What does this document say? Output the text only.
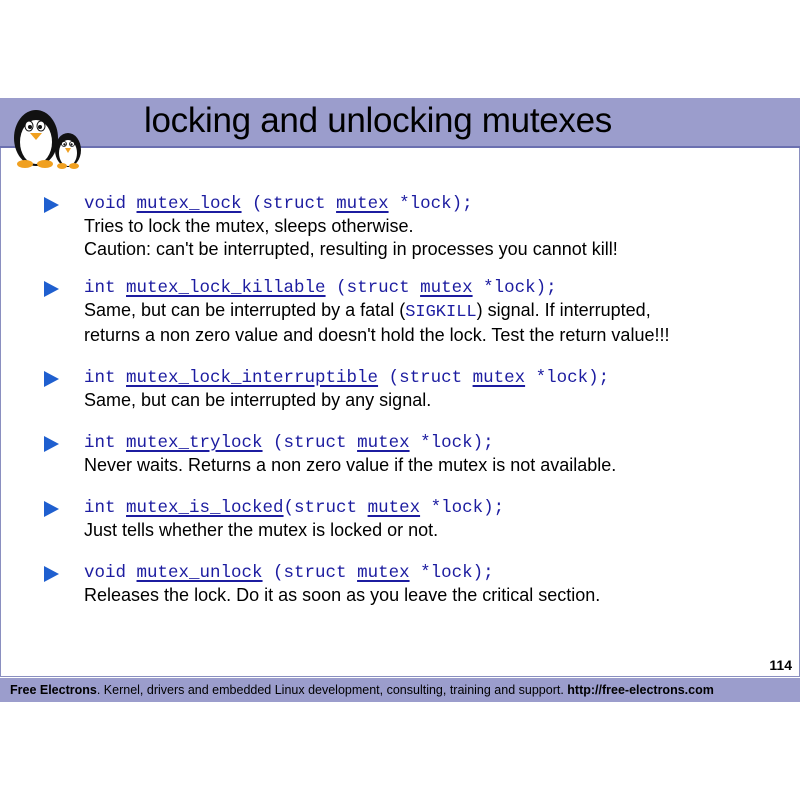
locking and unlocking mutexes
114
Free Electrons. Kernel, drivers and embedded Linux development, consulting, training and support. http://free-electrons.com
void mutex_lock (struct mutex *lock);
Tries to lock the mutex, sleeps otherwise.
Caution: can't be interrupted, resulting in processes you cannot kill!
int mutex_lock_killable (struct mutex *lock);
Same, but can be interrupted by a fatal (SIGKILL) signal. If interrupted,
returns a non zero value and doesn't hold the lock. Test the return value!!!
int mutex_lock_interruptible (struct mutex *lock);
Same, but can be interrupted by any signal.
int mutex_trylock (struct mutex *lock);
Never waits. Returns a non zero value if the mutex is not available.
int mutex_is_locked(struct mutex *lock);
Just tells whether the mutex is locked or not.
void mutex_unlock (struct mutex *lock);
Releases the lock. Do it as soon as you leave the critical section.
